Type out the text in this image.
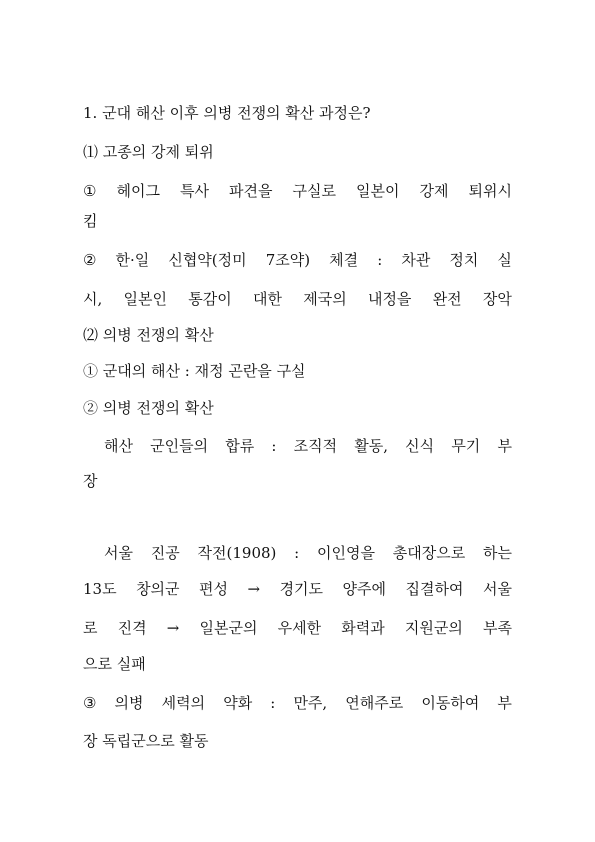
1. 군대 해산 이후 의병 전쟁의 확산 과정은?
⑴ 고종의 강제 퇴위
① 헤이그 특사 파견을 구실로 일본이 강제 퇴위시
킴
② 한·일 신협약(정미 7조약) 체결 : 차관 정치 실
시, 일본인 통감이 대한 제국의 내정을 완전 장악
⑵ 의병 전쟁의 확산
① 군대의 해산 : 재정 곤란을 구실
② 의병 전쟁의 확산
해산 군인들의 합류 : 조직적 활동, 신식 무기 부
장
서울 진공 작전(1908) : 이인영을 총대장으로 하는
13도 창의군 편성 → 경기도 양주에 집결하여 서울
로 진격 → 일본군의 우세한 화력과 지원군의 부족
으로 실패
③ 의병 세력의 약화 : 만주, 연해주로 이동하여 부
장 독립군으로 활동
